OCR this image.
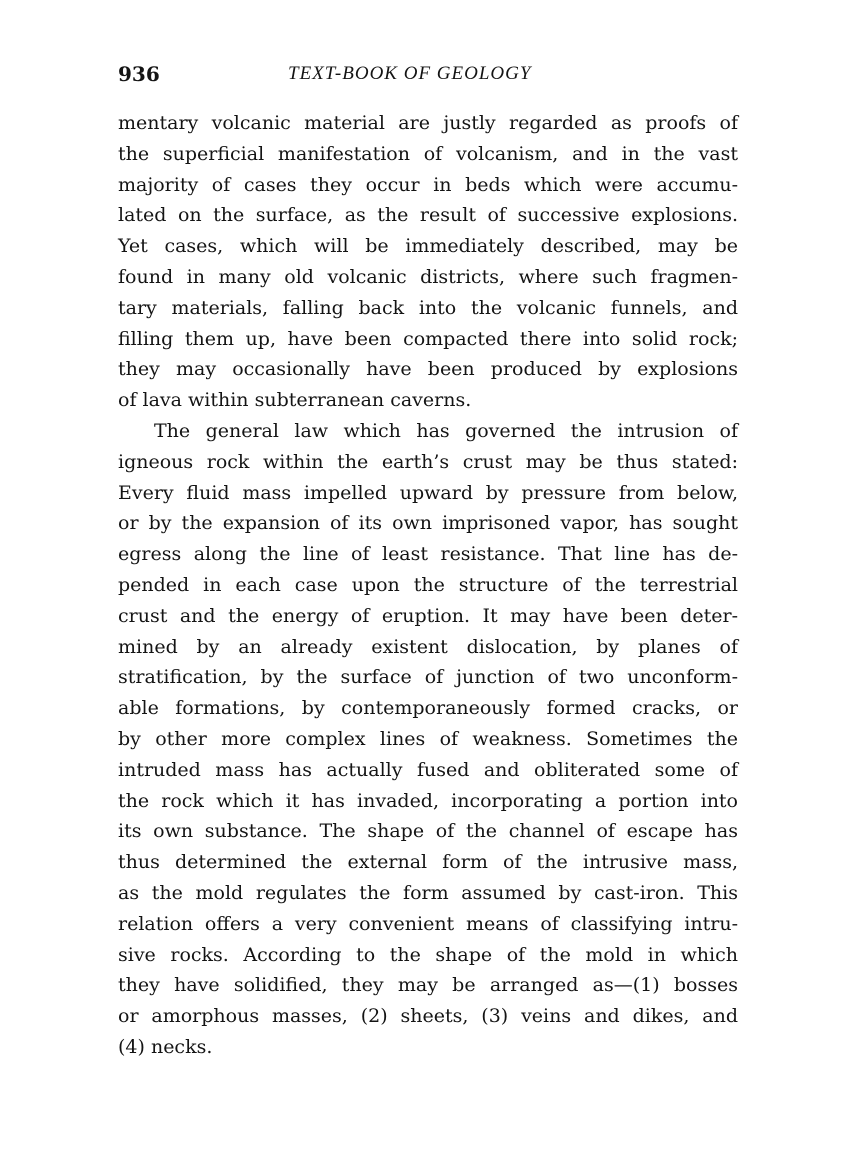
936	TEXT-BOOK OF GEOLOGY
mentary volcanic material are justly regarded as proofs of
the superficial manifestation of volcanism, and in the vast
majority of cases they occur in beds which were accumu-
lated on the surface, as the result of successive explosions.
Yet cases, which will be immediately described, may be
found in many old volcanic districts, where such fragmen-
tary materials, falling back into the volcanic funnels, and
filling them up, have been compacted there into solid rock;
they may occasionally have been produced by explosions
of lava within subterranean caverns.
The general law which has governed the intrusion of
igneous rock within the earth’s crust may be thus stated:
Every fluid mass impelled upward by pressure from below,
or by the expansion of its own imprisoned vapor, has sought
egress along the line of least resistance. That line has de-
pended in each case upon the structure of the terrestrial
crust and the energy of eruption. It may have been deter-
mined by an already existent dislocation, by planes of
stratification, by the surface of junction of two unconform-
able formations, by contemporaneously formed cracks, or
by other more complex lines of weakness. Sometimes the
intruded mass has actually fused and obliterated some of
the rock which it has invaded, incorporating a portion into
its own substance. The shape of the channel of escape has
thus determined the external form of the intrusive mass,
as the mold regulates the form assumed by cast-iron. This
relation offers a very convenient means of classifying intru-
sive rocks. According to the shape of the mold in which
they have solidified, they may be arranged as—(1) bosses
or amorphous masses, (2) sheets, (3) veins and dikes, and
(4) necks.
